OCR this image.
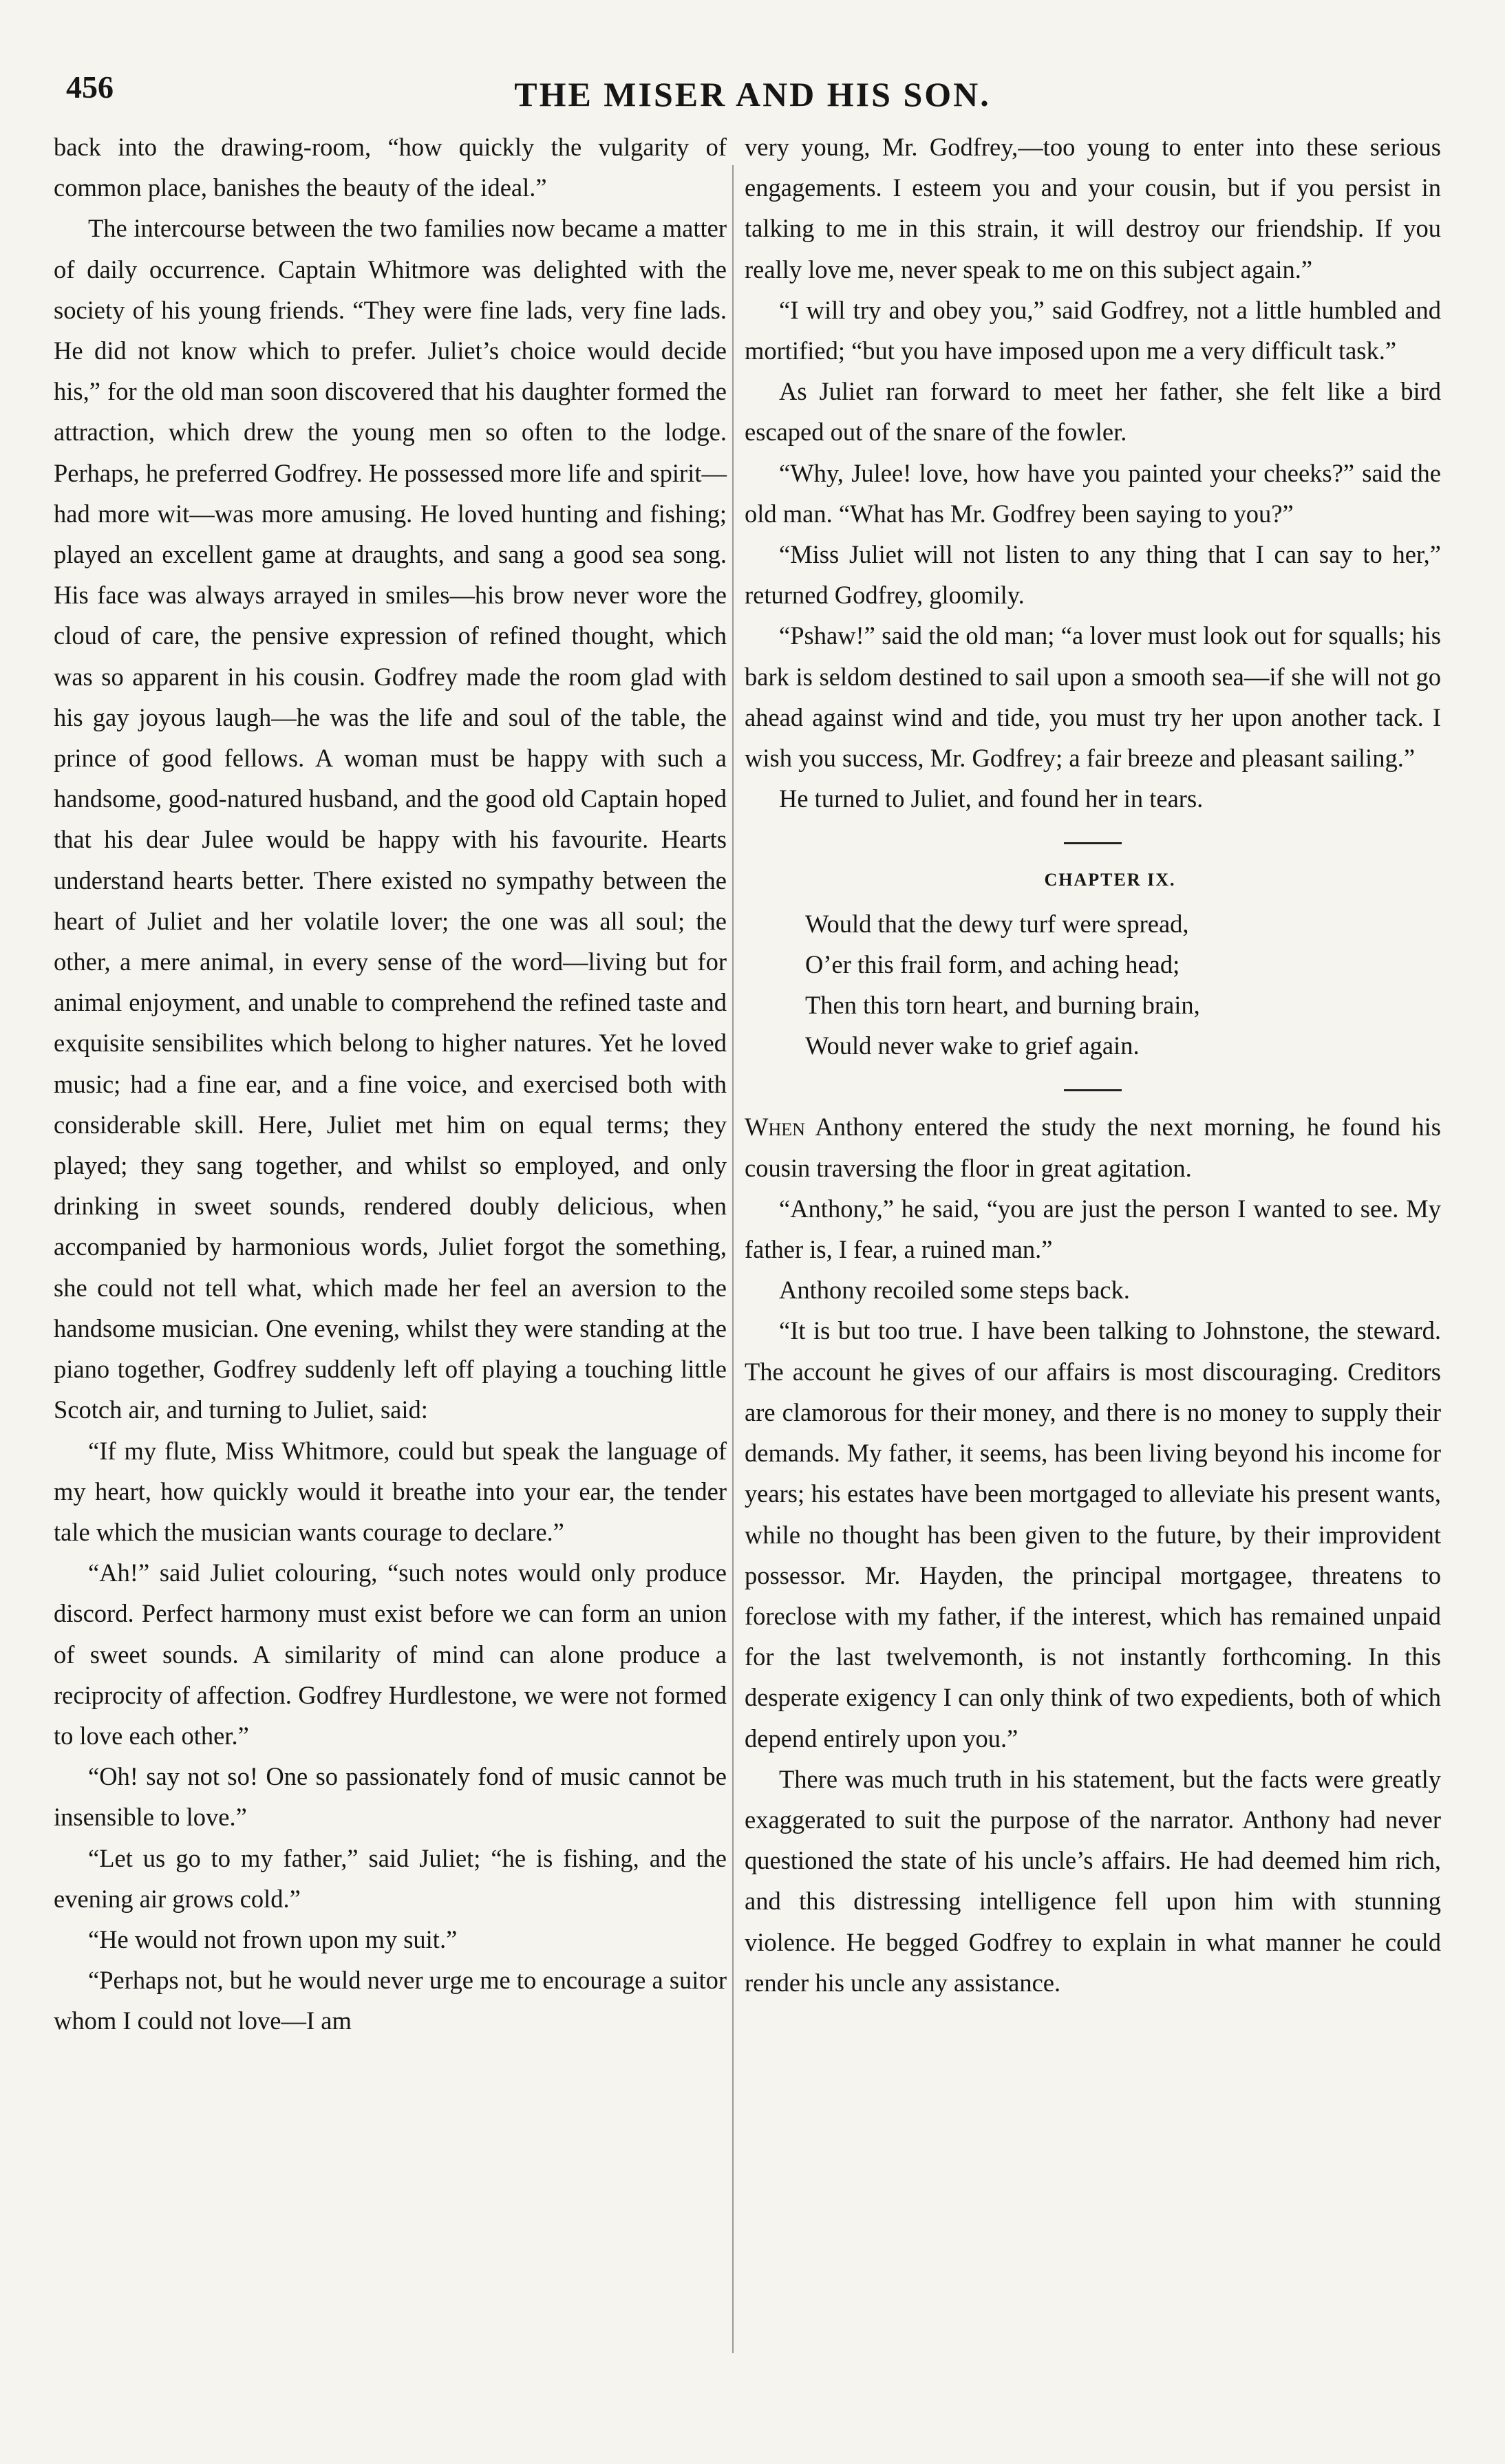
456	THE MISER AND HIS SON.

back into the drawing-room, “how quickly the vulgarity of common place, banishes the beauty of the ideal.”

The intercourse between the two families now became a matter of daily occurrence. Captain Whitmore was delighted with the society of his young friends. “They were fine lads, very fine lads. He did not know which to prefer. Juliet’s choice would decide his,” for the old man soon discovered that his daughter formed the attraction, which drew the young men so often to the lodge. Perhaps, he preferred Godfrey. He possessed more life and spirit—had more wit—was more amusing. He loved hunting and fishing; played an excellent game at draughts, and sang a good sea song. His face was always arrayed in smiles—his brow never wore the cloud of care, the pensive expression of refined thought, which was so apparent in his cousin. Godfrey made the room glad with his gay joyous laugh—he was the life and soul of the table, the prince of good fellows. A woman must be happy with such a handsome, good-natured husband, and the good old Captain hoped that his dear Julee would be happy with his favourite. Hearts understand hearts better. There existed no sympathy between the heart of Juliet and her volatile lover; the one was all soul; the other, a mere animal, in every sense of the word—living but for animal enjoyment, and unable to comprehend the refined taste and exquisite sensibilites which belong to higher natures. Yet he loved music; had a fine ear, and a fine voice, and exercised both with considerable skill. Here, Juliet met him on equal terms; they played; they sang together, and whilst so employed, and only drinking in sweet sounds, rendered doubly delicious, when accompanied by harmonious words, Juliet forgot the something, she could not tell what, which made her feel an aversion to the handsome musician. One evening, whilst they were standing at the piano together, Godfrey suddenly left off playing a touching little Scotch air, and turning to Juliet, said:

“If my flute, Miss Whitmore, could but speak the language of my heart, how quickly would it breathe into your ear, the tender tale which the musician wants courage to declare.”

“Ah!” said Juliet colouring, “such notes would only produce discord. Perfect harmony must exist before we can form an union of sweet sounds. A similarity of mind can alone produce a reciprocity of affection. Godfrey Hurdlestone, we were not formed to love each other.”

“Oh! say not so! One so passionately fond of music cannot be insensible to love.”

“Let us go to my father,” said Juliet; “he is fishing, and the evening air grows cold.”

“He would not frown upon my suit.”

“Perhaps not, but he would never urge me to encourage a suitor whom I could not love—I am

very young, Mr. Godfrey,—too young to enter into these serious engagements. I esteem you and your cousin, but if you persist in talking to me in this strain, it will destroy our friendship. If you really love me, never speak to me on this subject again.”

“I will try and obey you,” said Godfrey, not a little humbled and mortified; “but you have imposed upon me a very difficult task.”

As Juliet ran forward to meet her father, she felt like a bird escaped out of the snare of the fowler.

“Why, Julee! love, how have you painted your cheeks?” said the old man. “What has Mr. Godfrey been saying to you?”

“Miss Juliet will not listen to any thing that I can say to her,” returned Godfrey, gloomily.

“Pshaw!” said the old man; “a lover must look out for squalls; his bark is seldom destined to sail upon a smooth sea—if she will not go ahead against wind and tide, you must try her upon another tack. I wish you success, Mr. Godfrey; a fair breeze and pleasant sailing.”

He turned to Juliet, and found her in tears.

CHAPTER IX.

Would that the dewy turf were spread,
O’er this frail form, and aching head;
Then this torn heart, and burning brain,
Would never wake to grief again.

When Anthony entered the study the next morning, he found his cousin traversing the floor in great agitation.

“Anthony,” he said, “you are just the person I wanted to see. My father is, I fear, a ruined man.”

Anthony recoiled some steps back.

“It is but too true. I have been talking to Johnstone, the steward. The account he gives of our affairs is most discouraging. Creditors are clamorous for their money, and there is no money to supply their demands. My father, it seems, has been living beyond his income for years; his estates have been mortgaged to alleviate his present wants, while no thought has been given to the future, by their improvident possessor. Mr. Hayden, the principal mortgagee, threatens to foreclose with my father, if the interest, which has remained unpaid for the last twelvemonth, is not instantly forthcoming. In this desperate exigency I can only think of two expedients, both of which depend entirely upon you.”

There was much truth in his statement, but the facts were greatly exaggerated to suit the purpose of the narrator. Anthony had never questioned the state of his uncle’s affairs. He had deemed him rich, and this distressing intelligence fell upon him with stunning violence. He begged Godfrey to explain in what manner he could render his uncle any assistance.
